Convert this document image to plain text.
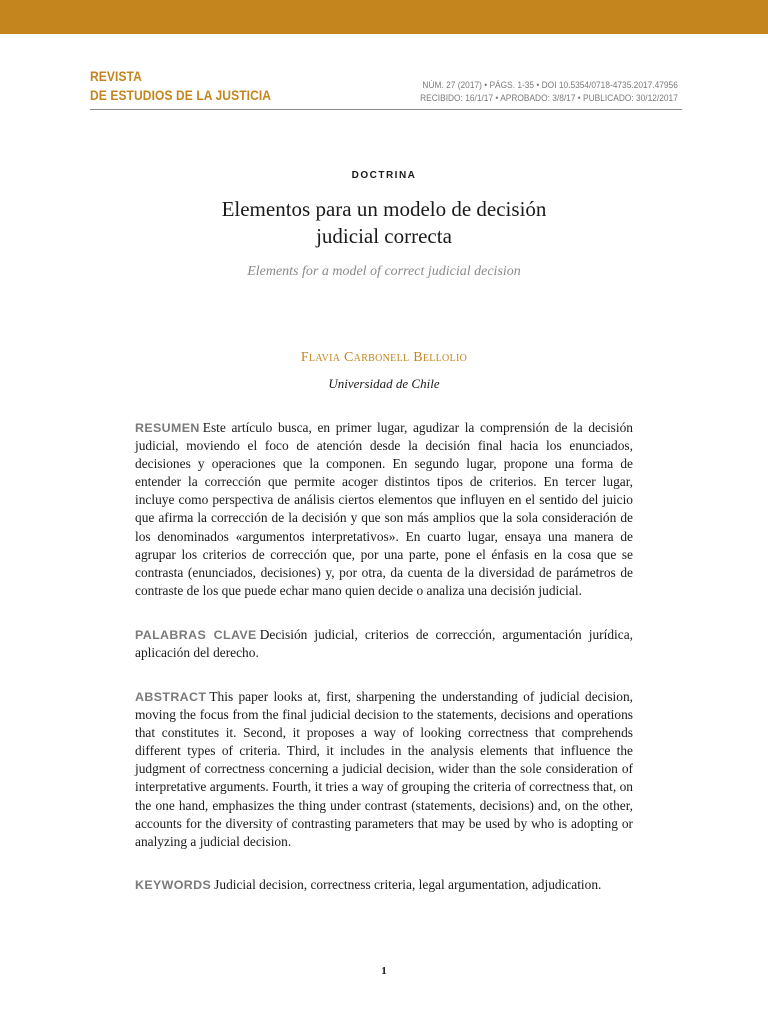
REVISTA
DE ESTUDIOS DE LA JUSTICIA
NÚM. 27 (2017) • PÁGS. 1-35 • DOI 10.5354/0718-4735.2017.47956
RECIBIDO: 16/1/17 • APROBADO: 3/8/17 • PUBLICADO: 30/12/2017
DOCTRINA
Elementos para un modelo de decisión
judicial correcta
Elements for a model of correct judicial decision
Flavia Carbonell Bellolio
Universidad de Chile
RESUMEN Este artículo busca, en primer lugar, agudizar la comprensión de la decisión judicial, moviendo el foco de atención desde la decisión final hacia los enunciados, decisiones y operaciones que la componen. En segundo lugar, propone una forma de entender la corrección que permite acoger distintos tipos de criterios. En tercer lugar, incluye como perspectiva de análisis ciertos elementos que influyen en el sentido del juicio que afirma la corrección de la decisión y que son más amplios que la sola consideración de los denominados «argumentos interpretativos». En cuarto lugar, ensaya una manera de agrupar los criterios de corrección que, por una parte, pone el énfasis en la cosa que se contrasta (enunciados, decisiones) y, por otra, da cuenta de la diversidad de parámetros de contraste de los que puede echar mano quien decide o analiza una decisión judicial.
PALABRAS CLAVE Decisión judicial, criterios de corrección, argumentación jurídica, aplicación del derecho.
ABSTRACT This paper looks at, first, sharpening the understanding of judicial decision, moving the focus from the final judicial decision to the statements, decisions and operations that constitutes it. Second, it proposes a way of looking correctness that comprehends different types of criteria. Third, it includes in the analysis elements that influence the judgment of correctness concerning a judicial decision, wider than the sole consideration of interpretative arguments. Fourth, it tries a way of grouping the criteria of correctness that, on the one hand, emphasizes the thing under contrast (statements, decisions) and, on the other, accounts for the diversity of contrasting parameters that may be used by who is adopting or analyzing a judicial decision.
KEYWORDS Judicial decision, correctness criteria, legal argumentation, adjudication.
1
